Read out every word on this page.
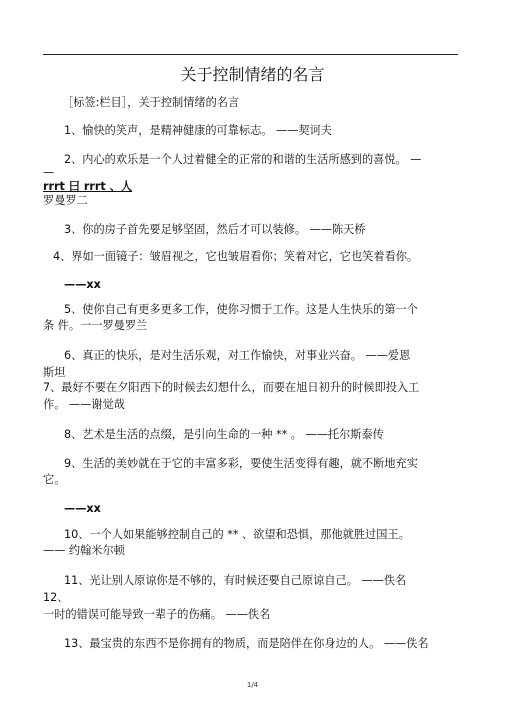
关于控制情绪的名言
［标签:栏目］，关于控制情绪的名言
1、愉快的笑声，是精神健康的可靠标志。 ——契诃夫
2、内心的欢乐是一个人过着健全的正常的和谐的生活所感到的喜悦。 —
—
rrrt 曰 rrrt 、人
罗曼罗二
3、你的房子首先要足够坚固，然后才可以装修。 ——陈天桥
4、界如一面镜子：皱眉视之，它也皱眉看你；笑着对它，它也笑着看你。
——xx
5、使你自己有更多更多工作，使你习惯于工作。这是人生快乐的第一个
条 件。一一罗曼罗兰
6、真正的快乐，是对生活乐观，对工作愉快，对事业兴奋。 ——爱恩
斯坦
7、最好不要在夕阳西下的时候去幻想什么，而要在旭日初升的时候即投入工
作。 ——谢觉哉
8、艺术是生活的点缀，是引向生命的一种 ** 。 ——托尔斯泰传
9、生活的美妙就在于它的丰富多彩，要使生活变得有趣，就不断地充实
它。
——xx
10、一个人如果能够控制自己的 ** 、欲望和恐惧，那他就胜过国王。
—— 约翰米尔顿
11、光让别人原谅你是不够的，有时候还要自己原谅自己。 ——佚名
12、
一时的错误可能导致一辈子的伤痛。 ——佚名
13、最宝贵的东西不是你拥有的物质，而是陪伴在你身边的人。 ——佚名
1/4
